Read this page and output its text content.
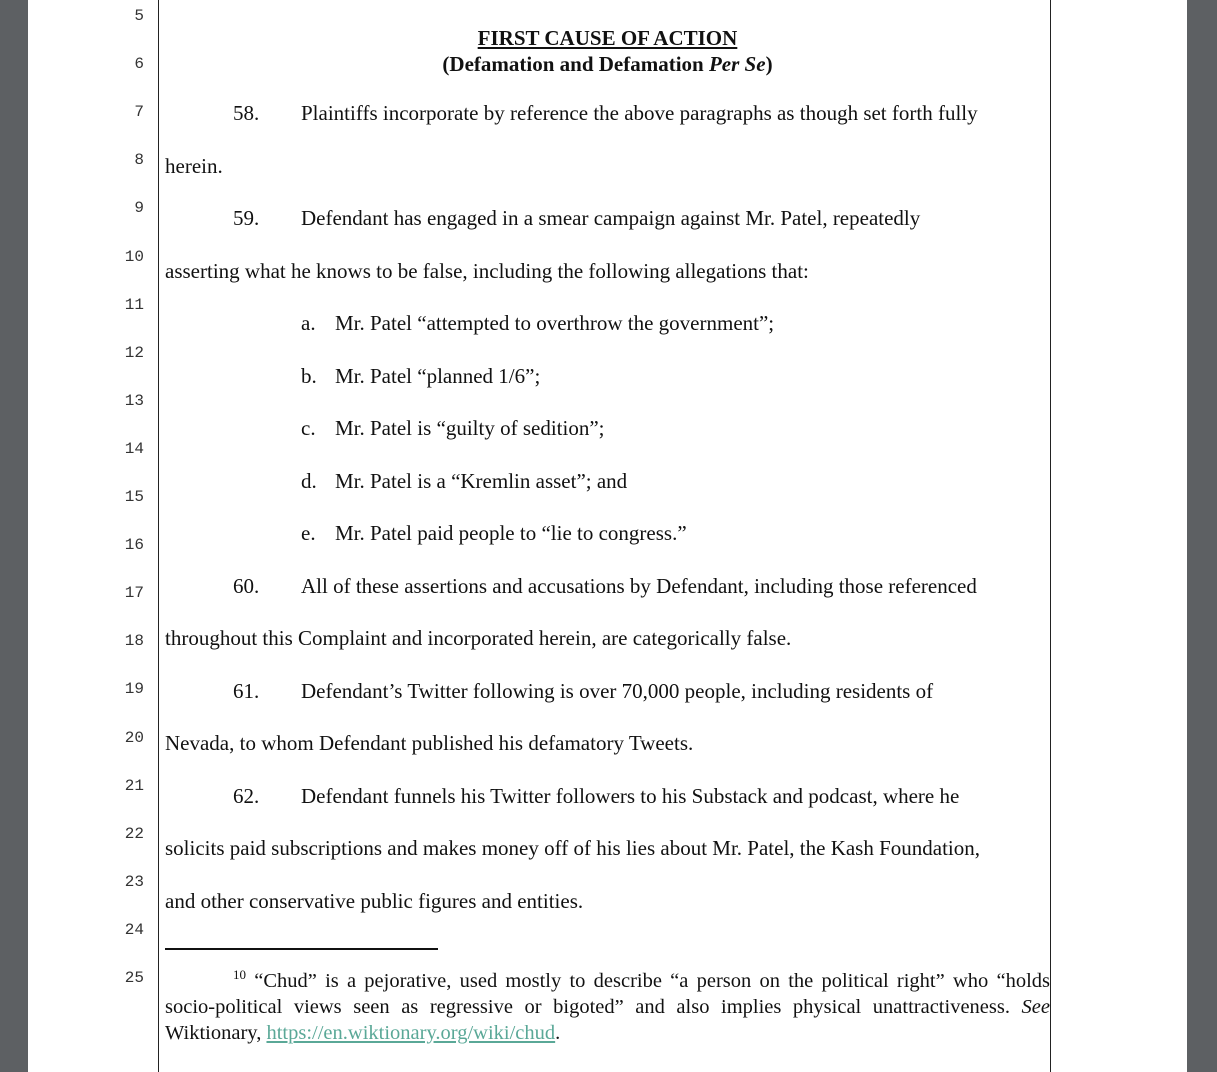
5
6
7
8
9
10
11
12
13
14
15
16
17
18
19
20
21
22
23
24
25
FIRST CAUSE OF ACTION
(Defamation and Defamation Per Se)
58. Plaintiffs incorporate by reference the above paragraphs as though set forth fully
herein.
59. Defendant has engaged in a smear campaign against Mr. Patel, repeatedly
asserting what he knows to be false, including the following allegations that:
a. Mr. Patel “attempted to overthrow the government”;
b. Mr. Patel “planned 1/6”;
c. Mr. Patel is “guilty of sedition”;
d. Mr. Patel is a “Kremlin asset”; and
e. Mr. Patel paid people to “lie to congress.”
60. All of these assertions and accusations by Defendant, including those referenced
throughout this Complaint and incorporated herein, are categorically false.
61. Defendant’s Twitter following is over 70,000 people, including residents of
Nevada, to whom Defendant published his defamatory Tweets.
62. Defendant funnels his Twitter followers to his Substack and podcast, where he
solicits paid subscriptions and makes money off of his lies about Mr. Patel, the Kash Foundation,
and other conservative public figures and entities.
$^{10}$ “Chud” is a pejorative, used mostly to describe “a person on the political right” who “holds socio-political views seen as regressive or bigoted” and also implies physical unattractiveness. See Wiktionary, https://en.wiktionary.org/wiki/chud.
